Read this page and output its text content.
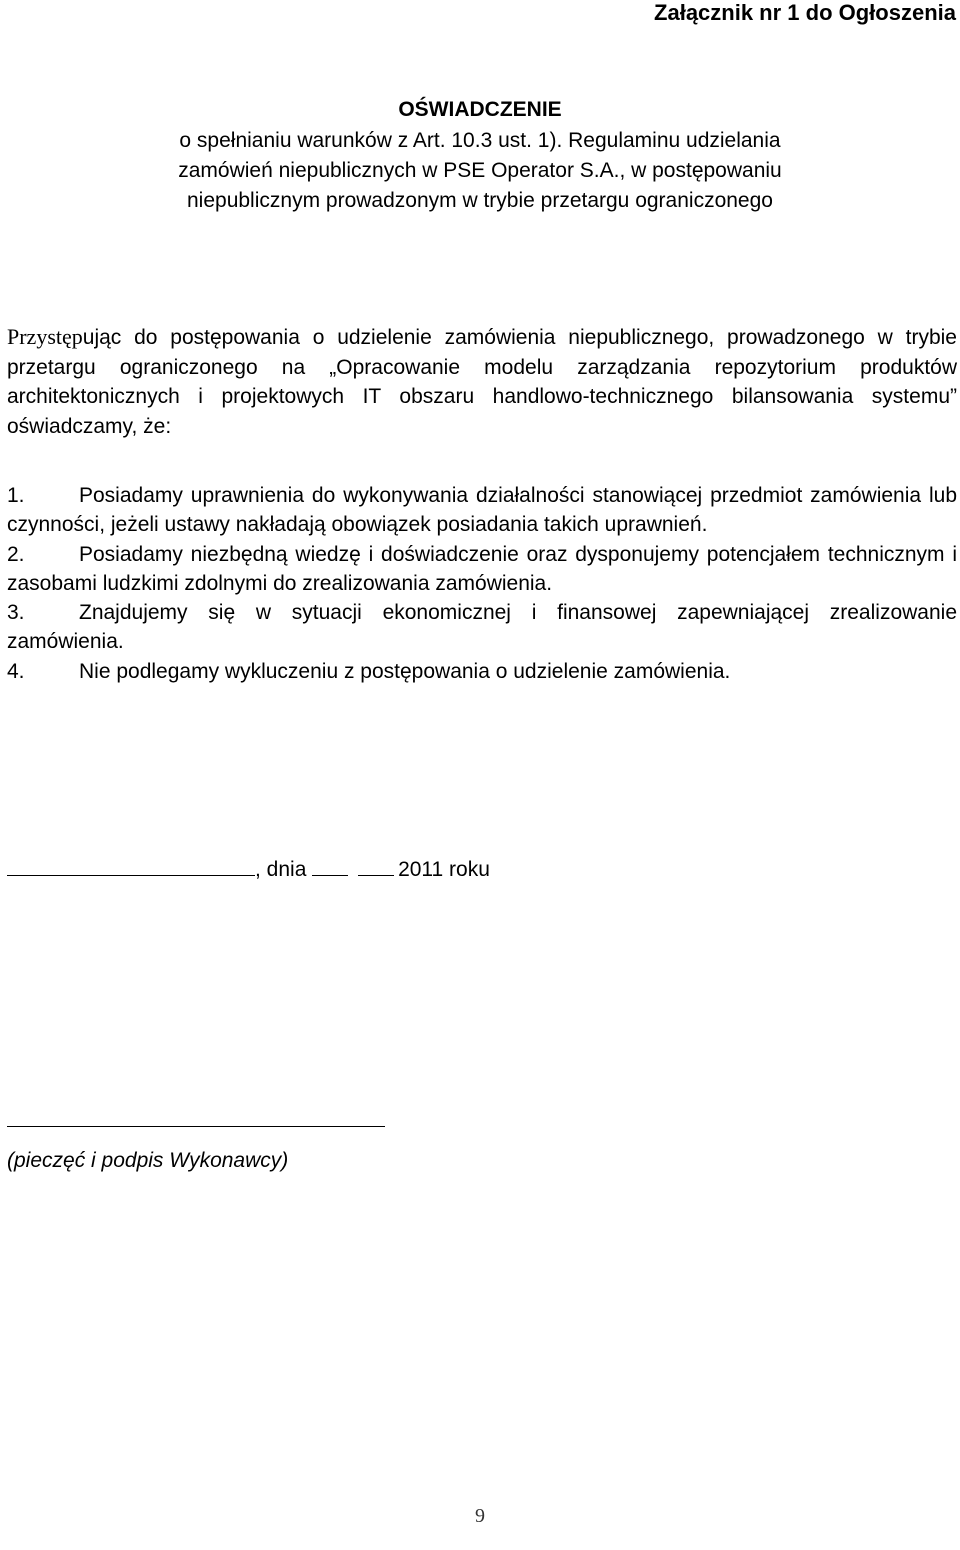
Załącznik nr 1 do Ogłoszenia
OŚWIADCZENIE
o spełnianiu warunków z Art. 10.3 ust. 1). Regulaminu udzielania zamówień niepublicznych w PSE Operator S.A., w postępowaniu niepublicznym prowadzonym w trybie przetargu ograniczonego
Przystępując do postępowania o udzielenie zamówienia niepublicznego, prowadzonego w trybie przetargu ograniczonego na „Opracowanie modelu zarządzania repozytorium produktów architektonicznych i projektowych IT obszaru handlowo-technicznego bilansowania systemu” oświadczamy, że:
1.	Posiadamy uprawnienia do wykonywania działalności stanowiącej przedmiot zamówienia lub czynności, jeżeli ustawy nakładają obowiązek posiadania takich uprawnień.
2.	Posiadamy niezbędną wiedzę i doświadczenie oraz dysponujemy potencjałem technicznym i zasobami ludzkimi zdolnymi do zrealizowania zamówienia.
3.	Znajdujemy się w sytuacji ekonomicznej i finansowej zapewniającej zrealizowanie zamówienia.
4.	Nie podlegamy wykluczeniu z postępowania o udzielenie zamówienia.
, dnia	2011 roku
(pieczęć i podpis Wykonawcy)
9
